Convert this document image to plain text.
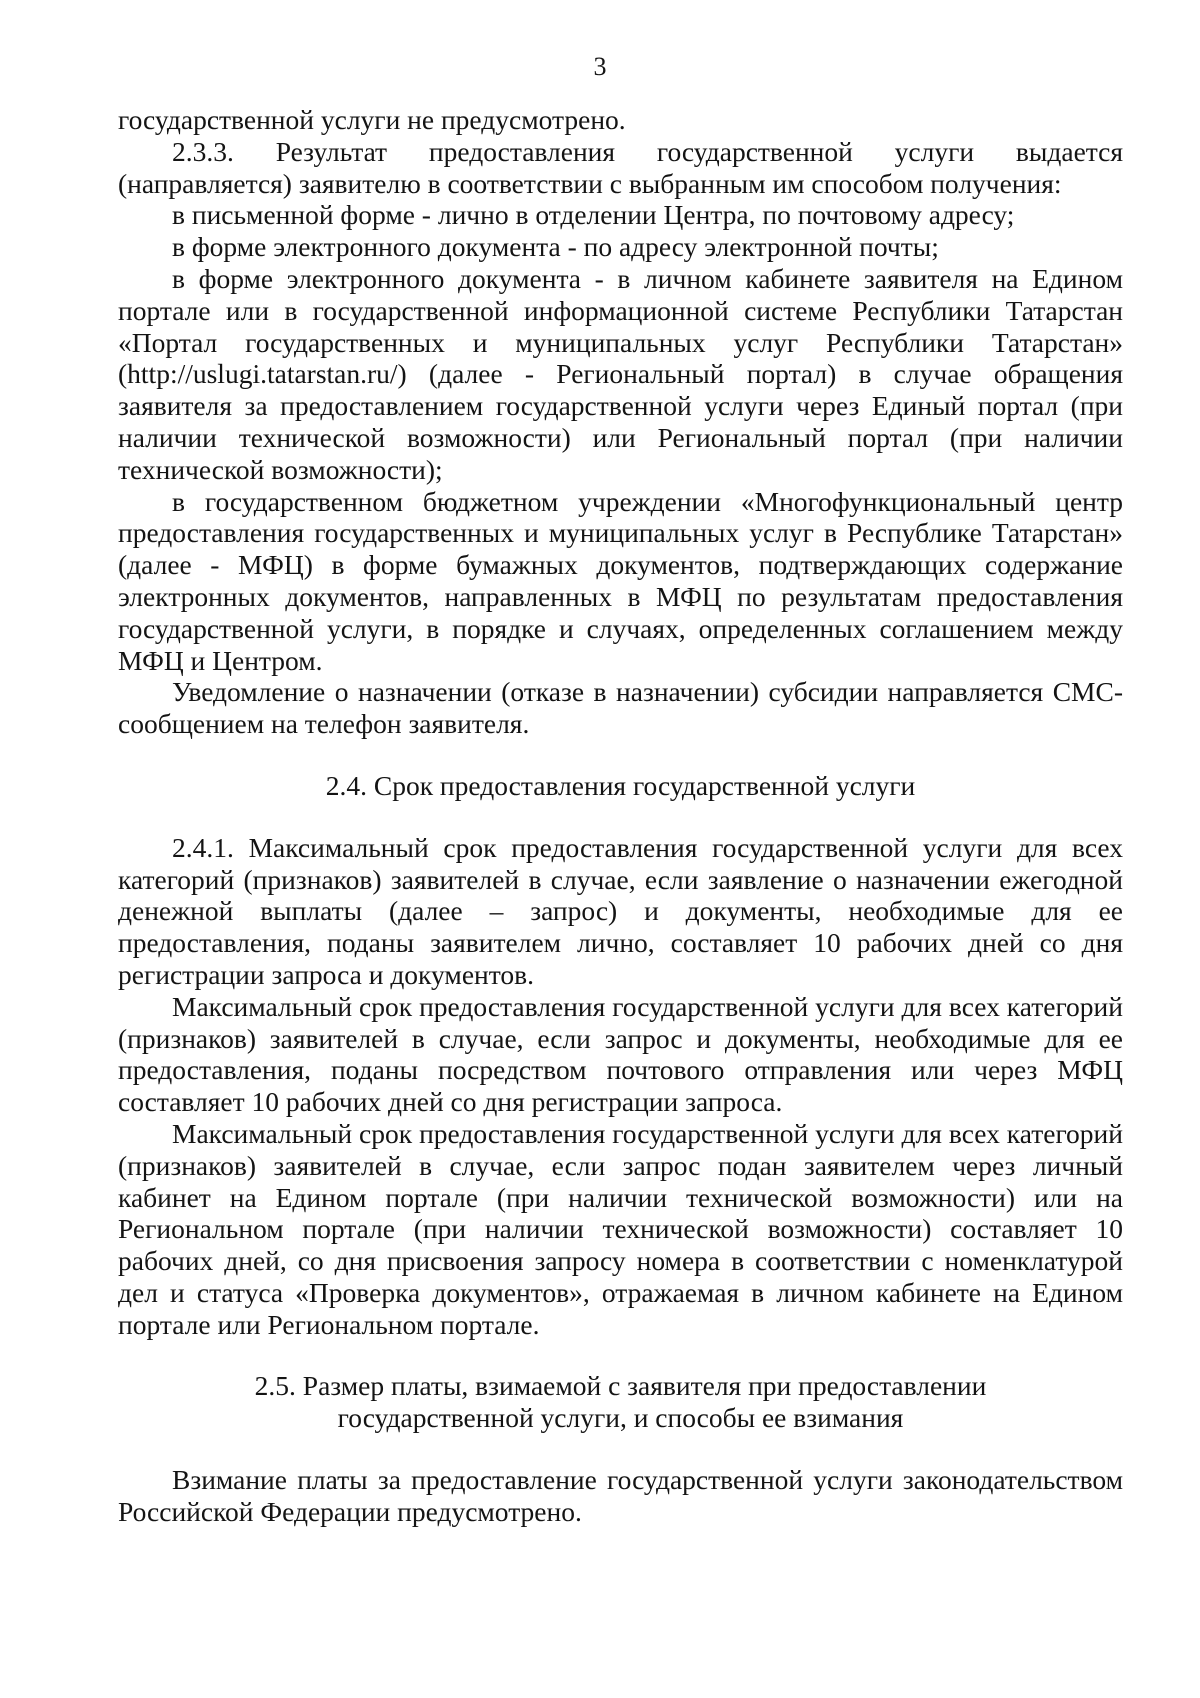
3

государственной услуги не предусмотрено.

2.3.3. Результат предоставления государственной услуги выдается (направляется) заявителю в соответствии с выбранным им способом получения:

в письменной форме - лично в отделении Центра, по почтовому адресу;

в форме электронного документа - по адресу электронной почты;

в форме электронного документа - в личном кабинете заявителя на Едином портале или в государственной информационной системе Республики Татарстан «Портал государственных и муниципальных услуг Республики Татарстан» (http://uslugi.tatarstan.ru/) (далее - Региональный портал) в случае обращения заявителя за предоставлением государственной услуги через Единый портал (при наличии технической возможности) или Региональный портал (при наличии технической возможности);

в государственном бюджетном учреждении «Многофункциональный центр предоставления государственных и муниципальных услуг в Республике Татарстан» (далее - МФЦ) в форме бумажных документов, подтверждающих содержание электронных документов, направленных в МФЦ по результатам предоставления государственной услуги, в порядке и случаях, определенных соглашением между МФЦ и Центром.

Уведомление о назначении (отказе в назначении) субсидии направляется СМС-сообщением на телефон заявителя.

2.4. Срок предоставления государственной услуги

2.4.1. Максимальный срок предоставления государственной услуги для всех категорий (признаков) заявителей в случае, если заявление о назначении ежегодной денежной выплаты (далее – запрос) и документы, необходимые для ее предоставления, поданы заявителем лично, составляет 10 рабочих дней со дня регистрации запроса и документов.

Максимальный срок предоставления государственной услуги для всех категорий (признаков) заявителей в случае, если запрос и документы, необходимые для ее предоставления, поданы посредством почтового отправления или через МФЦ составляет 10 рабочих дней со дня регистрации запроса.

Максимальный срок предоставления государственной услуги для всех категорий (признаков) заявителей в случае, если запрос подан заявителем через личный кабинет на Едином портале (при наличии технической возможности) или на Региональном портале (при наличии технической возможности) составляет 10 рабочих дней, со дня присвоения запросу номера в соответствии с номенклатурой дел и статуса «Проверка документов», отражаемая в личном кабинете на Едином портале или Региональном портале.

2.5. Размер платы, взимаемой с заявителя при предоставлении
государственной услуги, и способы ее взимания

Взимание платы за предоставление государственной услуги законодательством Российской Федерации предусмотрено.
